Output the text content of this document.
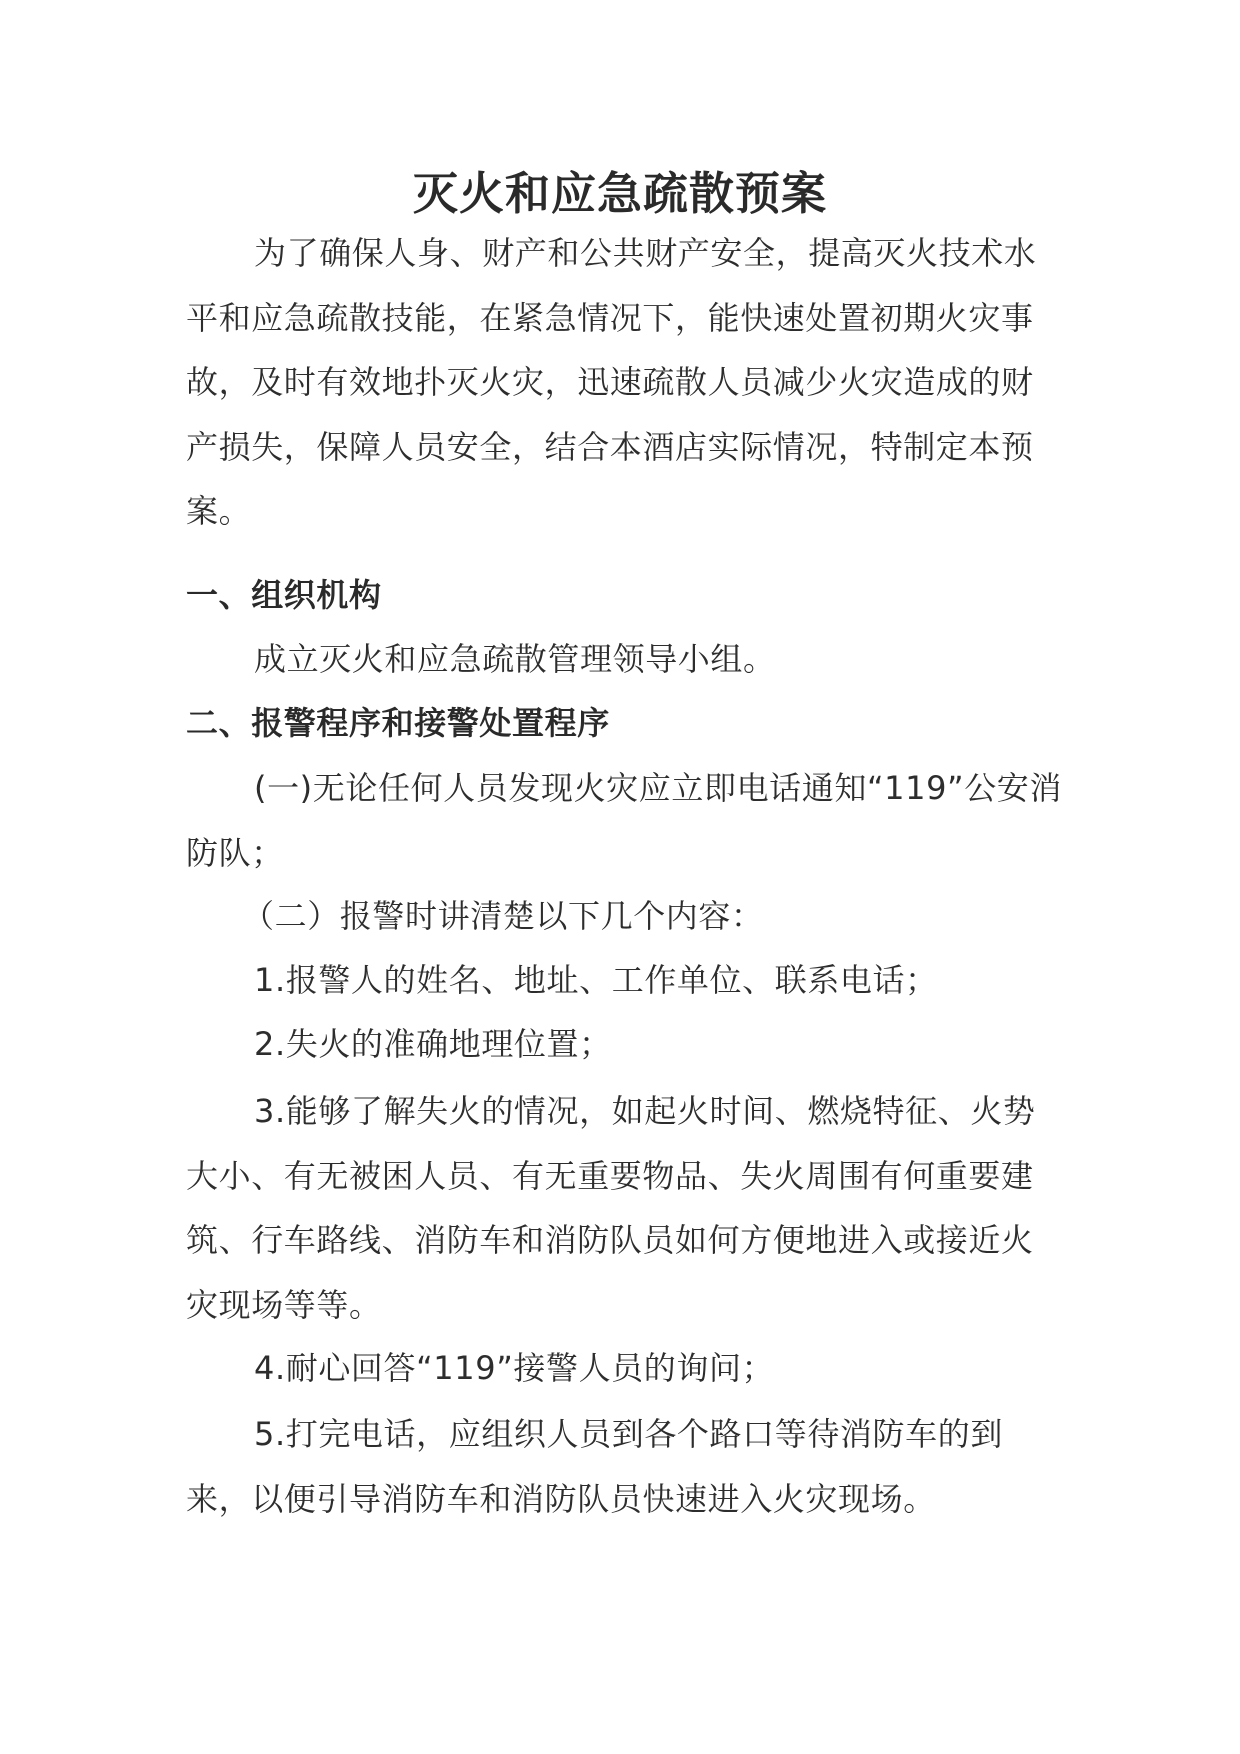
灭火和应急疏散预案

为了确保人身、财产和公共财产安全，提高灭火技术水平和应急疏散技能，在紧急情况下，能快速处置初期火灾事故，及时有效地扑灭火灾，迅速疏散人员减少火灾造成的财产损失，保障人员安全，结合本酒店实际情况，特制定本预案。

一、组织机构
成立灭火和应急疏散管理领导小组。
二、报警程序和接警处置程序

(一)无论任何人员发现火灾应立即电话通知“119”公安消防队；

（二）报警时讲清楚以下几个内容：
1.报警人的姓名、地址、工作单位、联系电话；
2.失火的准确地理位置；

3.能够了解失火的情况，如起火时间、燃烧特征、火势大小、有无被困人员、有无重要物品、失火周围有何重要建筑、行车路线、消防车和消防队员如何方便地进入或接近火灾现场等等。

4.耐心回答“119”接警人员的询问；

5.打完电话，应组织人员到各个路口等待消防车的到来，以便引导消防车和消防队员快速进入火灾现场。
